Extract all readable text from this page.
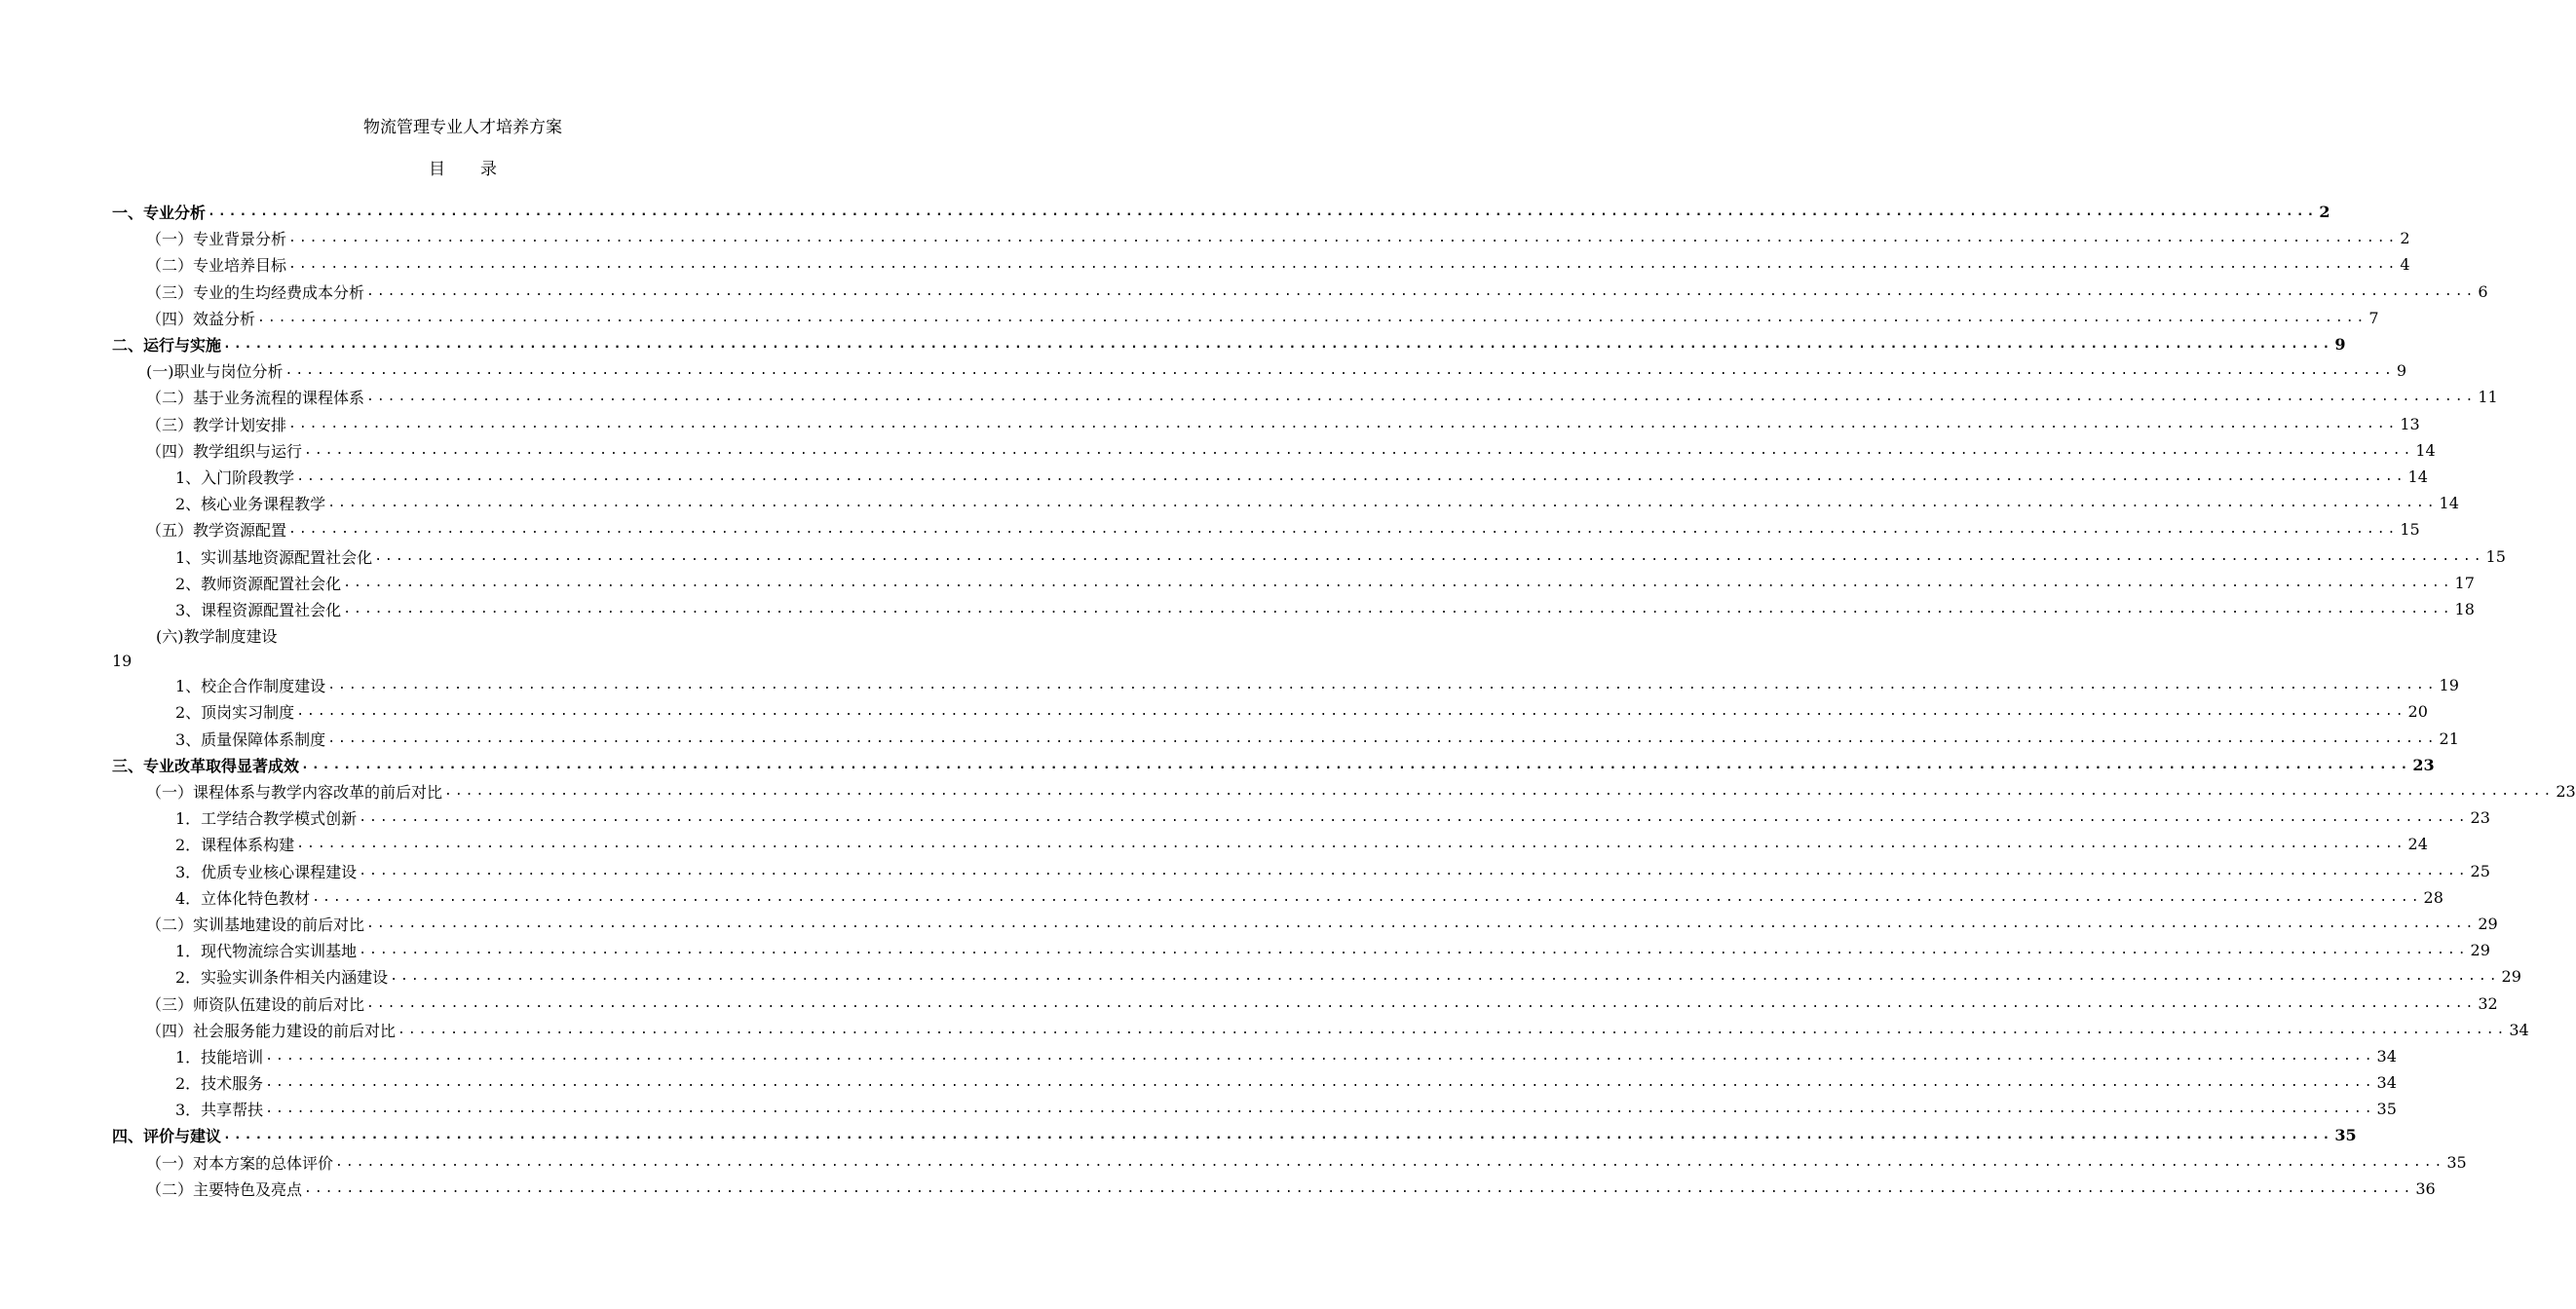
物流管理专业人才培养方案
目 录
一、专业分析 ........................................................................................................................................................................................................ 2
（一）专业背景分析 ........................................................................................................................................................................................................ 2
（二）专业培养目标 ........................................................................................................................................................................................................ 4
（三）专业的生均经费成本分析 ........................................................................................................................................................................................................ 6
（四）效益分析 ........................................................................................................................................................................................................ 7
二、运行与实施 ........................................................................................................................................................................................................ 9
(一)职业与岗位分析 ........................................................................................................................................................................................................ 9
（二）基于业务流程的课程体系 ........................................................................................................................................................................................................ 11
（三）教学计划安排 ........................................................................................................................................................................................................ 13
（四）教学组织与运行 ........................................................................................................................................................................................................ 14
1、入门阶段教学 ........................................................................................................................................................................................................ 14
2、核心业务课程教学 ........................................................................................................................................................................................................ 14
（五）教学资源配置 ........................................................................................................................................................................................................ 15
1、实训基地资源配置社会化 ........................................................................................................................................................................................................ 15
2、教师资源配置社会化 ........................................................................................................................................................................................................ 17
3、课程资源配置社会化 ........................................................................................................................................................................................................ 18
(六)教学制度建设
19
1、校企合作制度建设 ........................................................................................................................................................................................................ 19
2、顶岗实习制度 ........................................................................................................................................................................................................ 20
3、质量保障体系制度 ........................................................................................................................................................................................................ 21
三、专业改革取得显著成效 ........................................................................................................................................................................................................ 23
（一）课程体系与教学内容改革的前后对比 ........................................................................................................................................................................................................ 23
1．工学结合教学模式创新 ........................................................................................................................................................................................................ 23
2．课程体系构建 ........................................................................................................................................................................................................ 24
3．优质专业核心课程建设 ........................................................................................................................................................................................................ 25
4．立体化特色教材 ........................................................................................................................................................................................................ 28
（二）实训基地建设的前后对比 ........................................................................................................................................................................................................ 29
1．现代物流综合实训基地 ........................................................................................................................................................................................................ 29
2．实验实训条件相关内涵建设 ........................................................................................................................................................................................................ 29
（三）师资队伍建设的前后对比 ........................................................................................................................................................................................................ 32
（四）社会服务能力建设的前后对比 ........................................................................................................................................................................................................ 34
1．技能培训 ........................................................................................................................................................................................................ 34
2．技术服务 ........................................................................................................................................................................................................ 34
3．共享帮扶 ........................................................................................................................................................................................................ 35
四、评价与建议 ........................................................................................................................................................................................................ 35
（一）对本方案的总体评价 ........................................................................................................................................................................................................ 35
（二）主要特色及亮点 ........................................................................................................................................................................................................ 36
